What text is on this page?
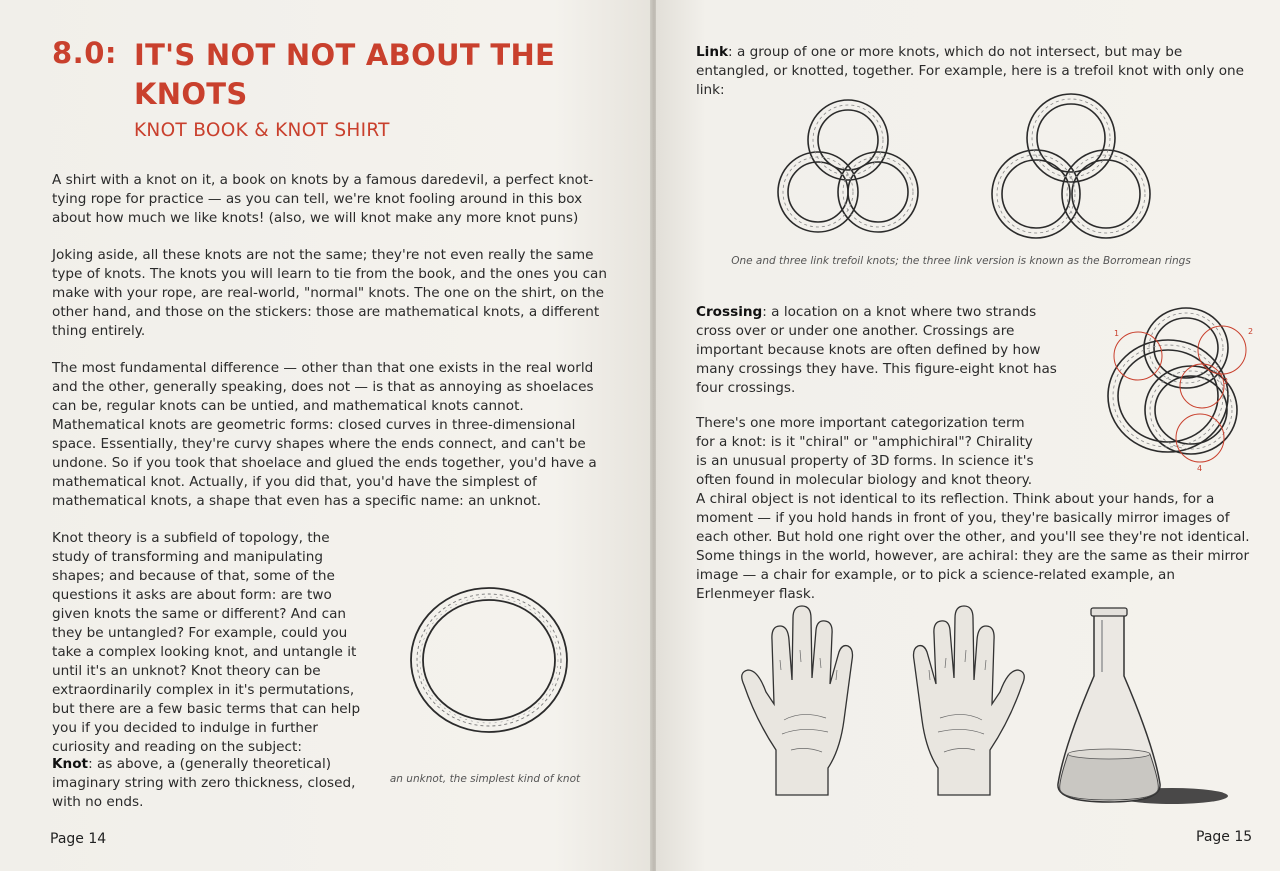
8.0: IT'S NOT NOT ABOUT THE KNOTS
KNOT BOOK & KNOT SHIRT

A shirt with a knot on it, a book on knots by a famous daredevil, a perfect knot-tying rope for practice — as you can tell, we're knot fooling around in this box about how much we like knots! (also, we will knot make any more knot puns)

Joking aside, all these knots are not the same; they're not even really the same type of knots. The knots you will learn to tie from the book, and the ones you can make with your rope, are real-world, "normal" knots. The one on the shirt, on the other hand, and those on the stickers: those are mathematical knots, a different thing entirely.

The most fundamental difference — other than that one exists in the real world and the other, generally speaking, does not — is that as annoying as shoelaces can be, regular knots can be untied, and mathematical knots cannot. Mathematical knots are geometric forms: closed curves in three-dimensional space. Essentially, they're curvy shapes where the ends connect, and can't be undone. So if you took that shoelace and glued the ends together, you'd have a mathematical knot. Actually, if you did that, you'd have the simplest of mathematical knots, a shape that even has a specific name: an unknot.

Knot theory is a subfield of topology, the study of transforming and manipulating shapes; and because of that, some of the questions it asks are about form: are two given knots the same or different? And can they be untangled? For example, could you take a complex looking knot, and untangle it until it's an unknot? Knot theory can be extraordinarily complex in it's permutations, but there are a few basic terms that can help you if you decided to indulge in further curiosity and reading on the subject:

Knot: as above, a (generally theoretical) imaginary string with zero thickness, closed, with no ends.

an unknot, the simplest kind of knot
Page 14

Link: a group of one or more knots, which do not intersect, but may be entangled, or knotted, together. For example, here is a trefoil knot with only one link:

One and three link trefoil knots; the three link version is known as the Borromean rings

Crossing: a location on a knot where two strands cross over or under one another. Crossings are important because knots are often defined by how many crossings they have. This figure-eight knot has four crossings.

1	2
3
4

There's one more important categorization term for a knot: is it "chiral" or "amphichiral"? Chirality is an unusual property of 3D forms. In science it's often found in molecular biology and knot theory. A chiral object is not identical to its reflection. Think about your hands, for a moment — if you hold hands in front of you, they're basically mirror images of each other. But hold one right over the other, and you'll see they're not identical. Some things in the world, however, are achiral: they are the same as their mirror image — a chair for example, or to pick a science-related example, an Erlenmeyer flask.

Page 15
